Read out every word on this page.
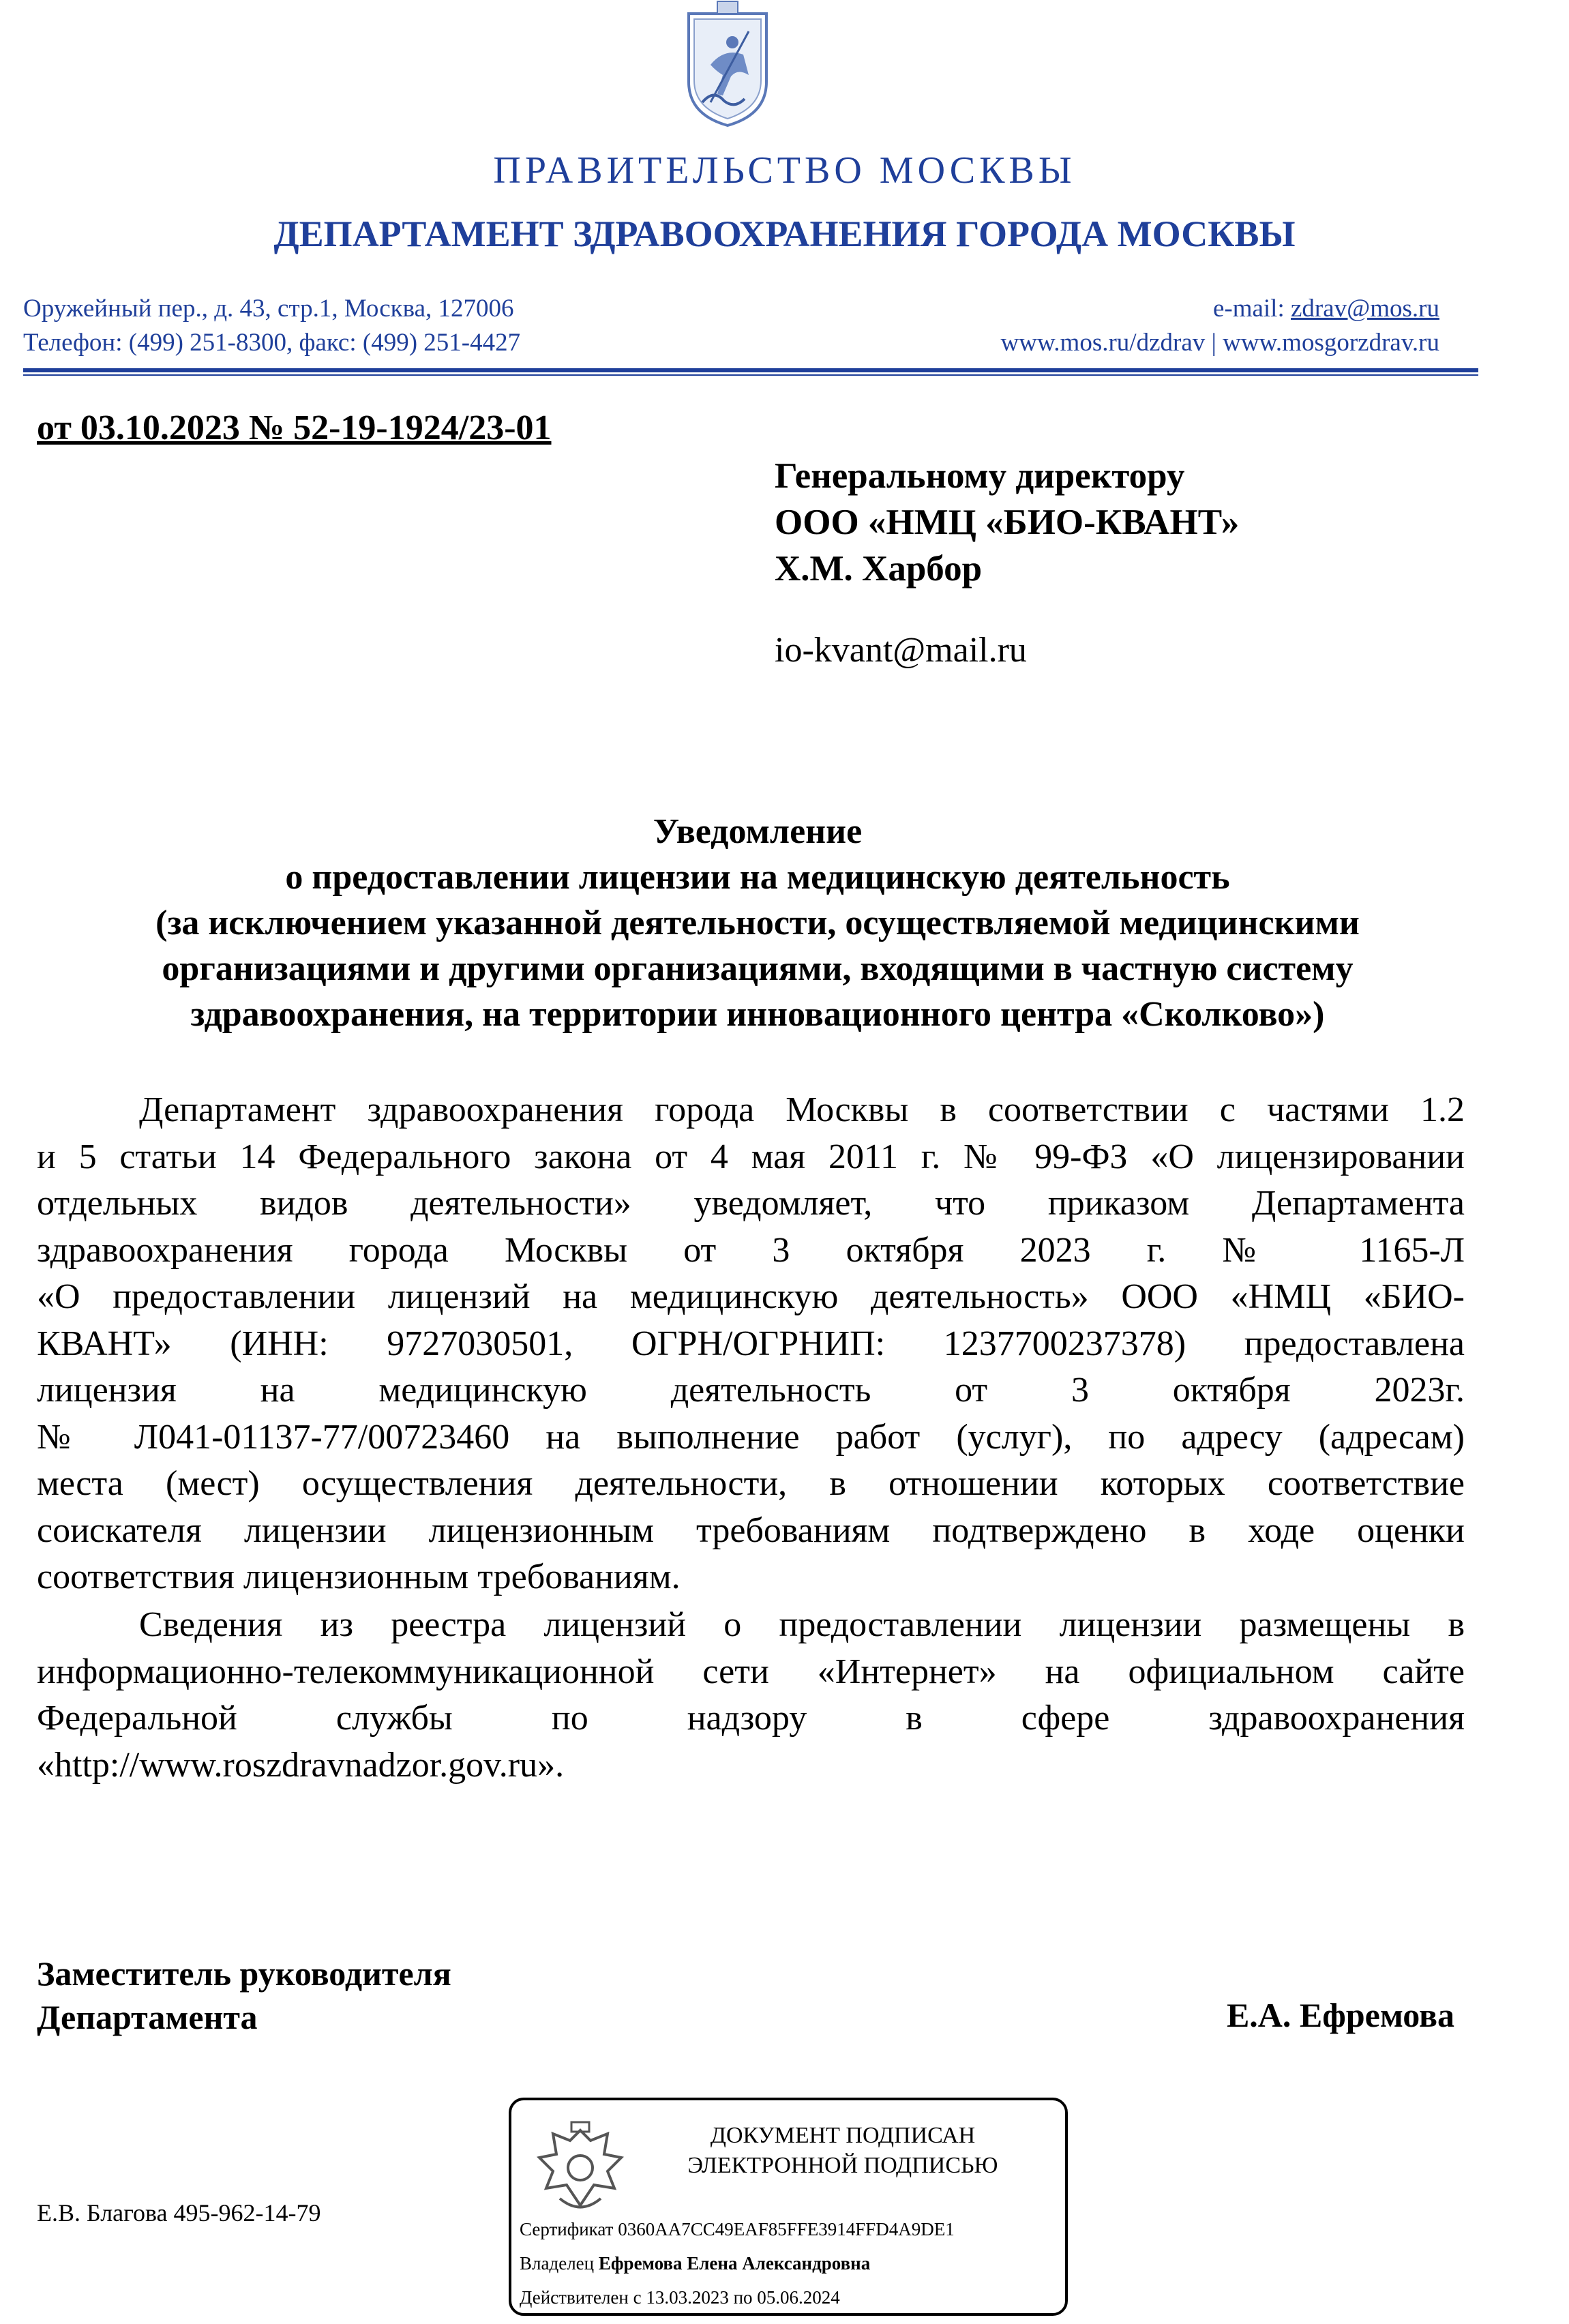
ПРАВИТЕЛЬСТВО МОСКВЫ
ДЕПАРТАМЕНТ ЗДРАВООХРАНЕНИЯ ГОРОДА МОСКВЫ
Оружейный пер., д. 43, стр.1, Москва, 127006
Телефон: (499) 251-8300, факс: (499) 251-4427
e-mail: zdrav@mos.ru
www.mos.ru/dzdrav | www.mosgorzdrav.ru
от 03.10.2023 № 52-19-1924/23-01
Генеральному директору
ООО «НМЦ «БИО-КВАНТ»
Х.М. Харбор
io-kvant@mail.ru
Уведомление
о предоставлении лицензии на медицинскую деятельность
(за исключением указанной деятельности, осуществляемой медицинскими
организациями и другими организациями, входящими в частную систему
здравоохранения, на территории инновационного центра «Сколково»)
Департамент здравоохранения города Москвы в соответствии с частями 1.2
и 5 статьи 14 Федерального закона от 4 мая 2011 г. № 99-ФЗ «О лицензировании
отдельных видов деятельности» уведомляет, что приказом Департамента
здравоохранения города Москвы от 3 октября 2023 г. № 1165-Л
«О предоставлении лицензий на медицинскую деятельность» ООО «НМЦ «БИО-
КВАНТ» (ИНН: 9727030501, ОГРН/ОГРНИП: 1237700237378) предоставлена
лицензия на медицинскую деятельность от 3 октября 2023г.
№ Л041-01137-77/00723460 на выполнение работ (услуг), по адресу (адресам)
места (мест) осуществления деятельности, в отношении которых соответствие
соискателя лицензии лицензионным требованиям подтверждено в ходе оценки
соответствия лицензионным требованиям.
Сведения из реестра лицензий о предоставлении лицензии размещены в
информационно-телекоммуникационной сети «Интернет» на официальном сайте
Федеральной службы по надзору в сфере здравоохранения
«http://www.roszdravnadzor.gov.ru».
Заместитель руководителя
Департамента	Е.А. Ефремова
Е.В. Благова 495-962-14-79
ДОКУМЕНТ ПОДПИСАН
ЭЛЕКТРОННОЙ ПОДПИСЬЮ
Сертификат 0360AA7CC49EAF85FFE3914FFD4A9DE1
Владелец Ефремова Елена Александровна
Действителен с 13.03.2023 по 05.06.2024
